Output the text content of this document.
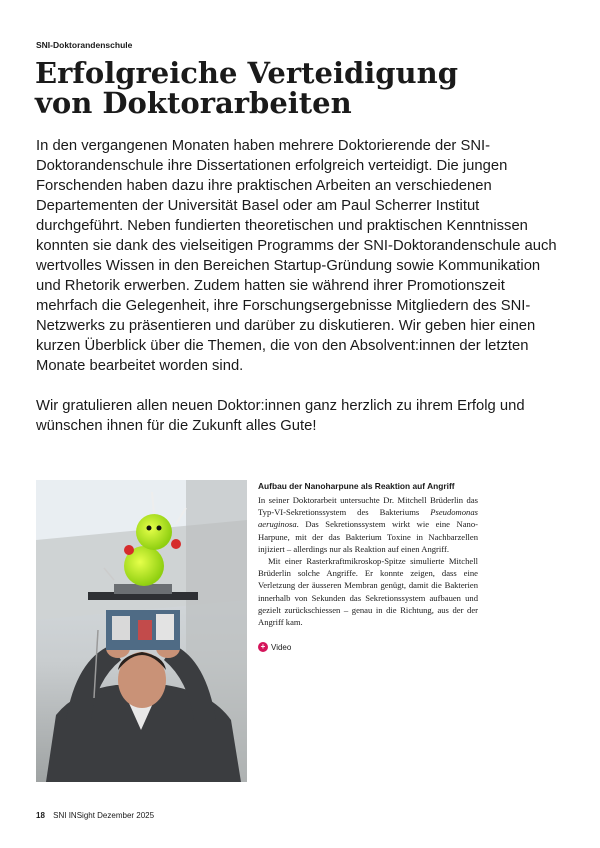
SNI-Doktorandenschule
Erfolgreiche Verteidigung
von Doktorarbeiten

In den vergangenen Monaten haben mehrere Doktorierende der SNI-Doktorandenschule ihre Dissertationen erfolgreich verteidigt. Die jungen Forschenden haben dazu ihre praktischen Arbeiten an verschiedenen Departementen der Universität Basel oder am Paul Scherrer Institut durchgeführt. Neben fundierten theoretischen und praktischen Kenntnissen konnten sie dank des vielseitigen Programms der SNI-Doktorandenschule auch wertvolles Wissen in den Bereichen Startup-Gründung sowie Kommunikation und Rhetorik erwerben. Zudem hatten sie während ihrer Promotionszeit mehrfach die Gelegenheit, ihre Forschungsergebnisse Mitgliedern des SNI-Netzwerks zu präsentieren und darüber zu diskutieren. Wir geben hier einen kurzen Überblick über die Themen, die von den Absolvent:innen der letzten Monate bearbeitet worden sind.

Wir gratulieren allen neuen Doktor:innen ganz herzlich zu ihrem Erfolg und wünschen ihnen für die Zukunft alles Gute!

Aufbau der Nanoharpune als Reaktion auf Angriff

In seiner Doktorarbeit untersuchte Dr. Mitchell Brüderlin das Typ-VI-Sekretionssystem des Bakteriums Pseudomonas aeruginosa. Das Sekretionssystem wirkt wie eine Nano-Harpune, mit der das Bakterium Toxine in Nachbarzellen injiziert – allerdings nur als Reaktion auf einen Angriff.

Mit einer Rasterkraftmikroskop-Spitze simulierte Mitchell Brüderlin solche Angriffe. Er konnte zeigen, dass eine Verletzung der äusseren Membran genügt, damit die Bakterien innerhalb von Sekunden das Sekretionssystem aufbauen und gezielt zurückschiessen – genau in die Richtung, aus der der Angriff kam.

+ Video
18 SNI INSight Dezember 2025
